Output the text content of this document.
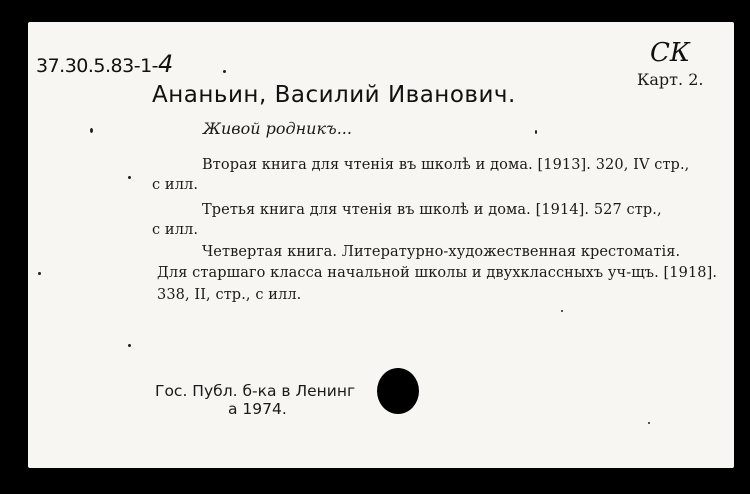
37.30.5.83-1-4	СК
Карт. 2.
Ананьин, Василий Иванович.
Живой родникъ...
Вторая книга для чтенія въ школѣ и дома. [1913]. 320, IV стр.,
с илл.
Третья книга для чтенія въ школѣ и дома. [1914]. 527 стр.,
с илл.
Четвертая книга. Литературно-художественная крестоматія.
Для старшаго класса начальной школы и двухклассныхъ уч-щъ. [1918].
338, II, стр., с илл.
Гос. Публ. б-ка в Ленинг
а 1974.
